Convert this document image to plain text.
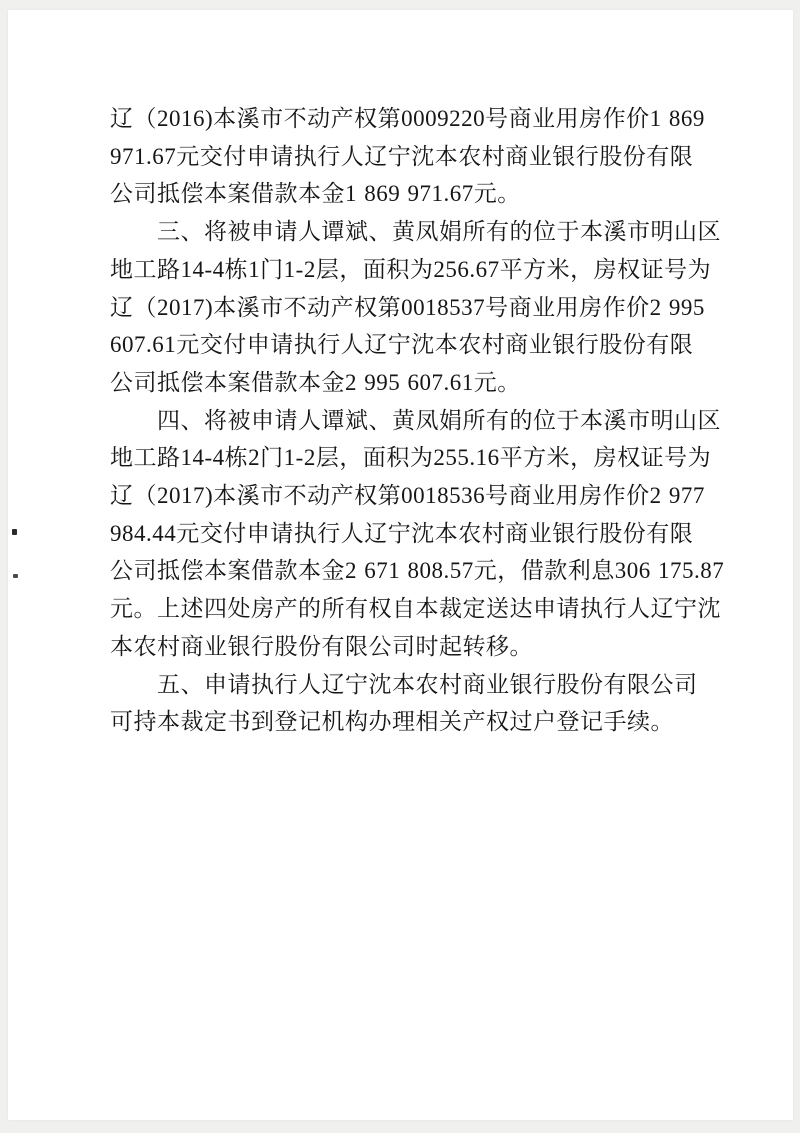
辽（2016)本溪市不动产权第0009220号商业用房作价1 869
971.67元交付申请执行人辽宁沈本农村商业银行股份有限
公司抵偿本案借款本金1 869 971.67元。
三、将被申请人谭斌、黄凤娟所有的位于本溪市明山区
地工路14-4栋1门1-2层，面积为256.67平方米，房权证号为
辽（2017)本溪市不动产权第0018537号商业用房作价2 995
607.61元交付申请执行人辽宁沈本农村商业银行股份有限
公司抵偿本案借款本金2 995 607.61元。
四、将被申请人谭斌、黄凤娟所有的位于本溪市明山区
地工路14-4栋2门1-2层，面积为255.16平方米，房权证号为
辽（2017)本溪市不动产权第0018536号商业用房作价2 977
984.44元交付申请执行人辽宁沈本农村商业银行股份有限
公司抵偿本案借款本金2 671 808.57元，借款利息306 175.87
元。上述四处房产的所有权自本裁定送达申请执行人辽宁沈
本农村商业银行股份有限公司时起转移。
五、申请执行人辽宁沈本农村商业银行股份有限公司
可持本裁定书到登记机构办理相关产权过户登记手续。
